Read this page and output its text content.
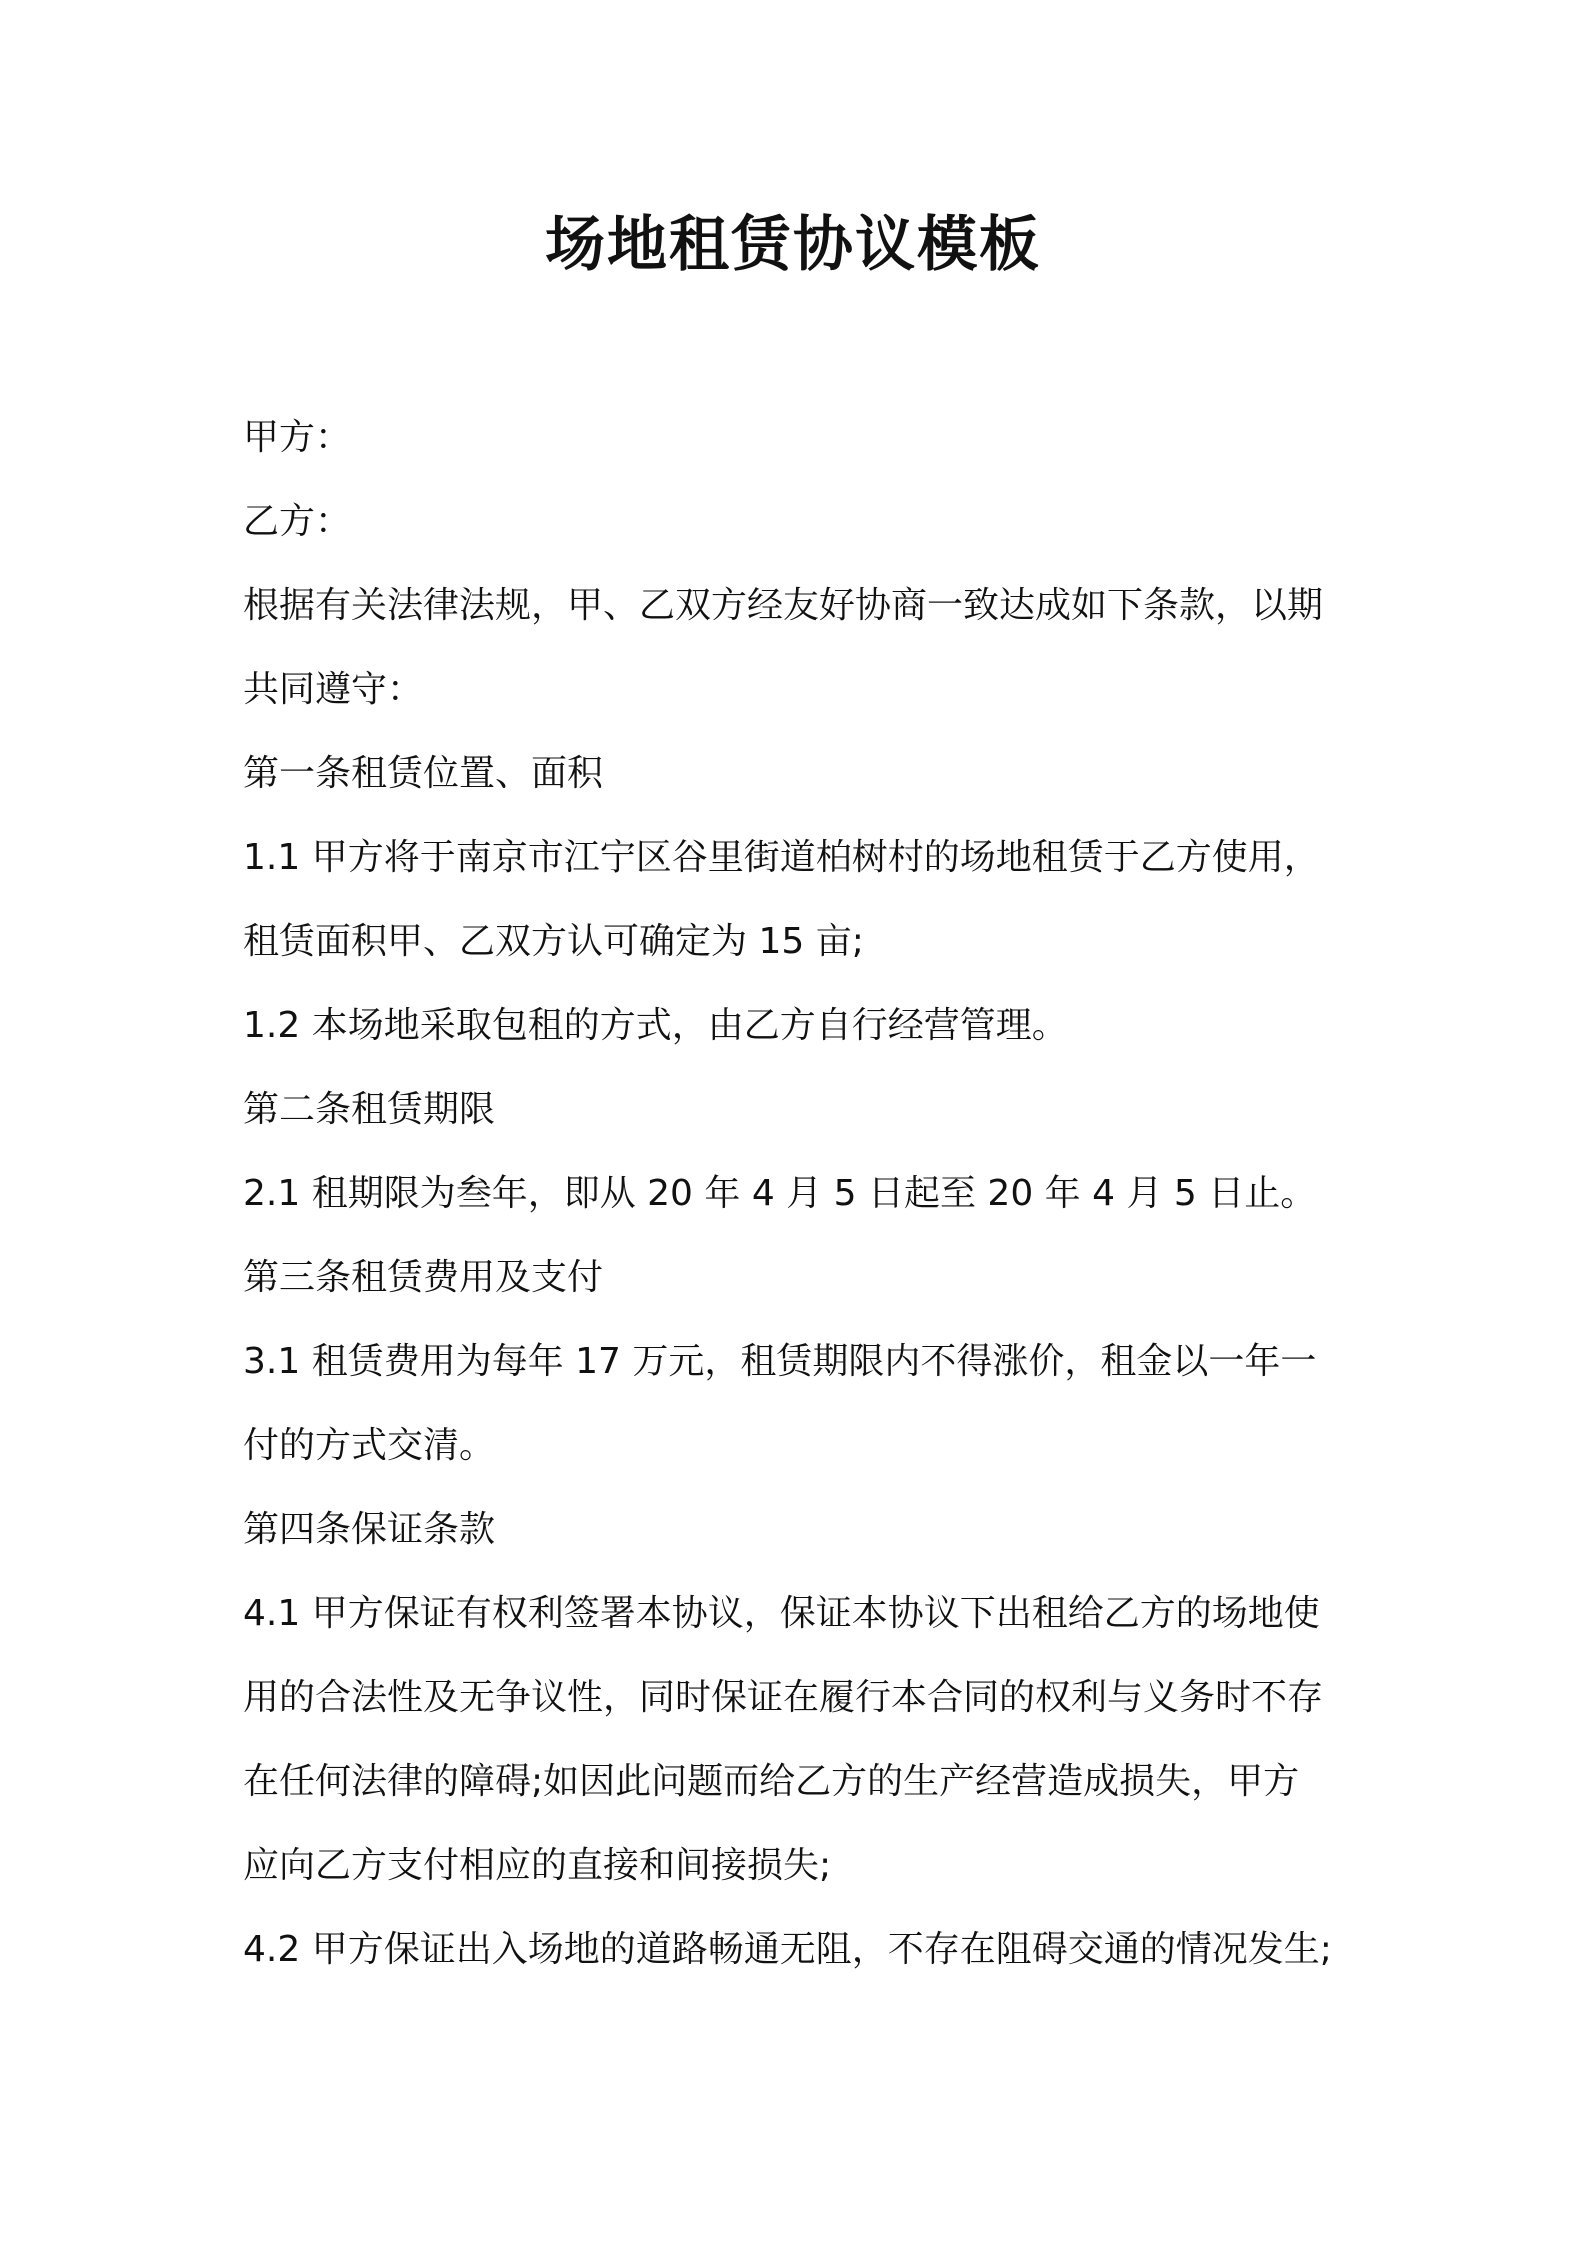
场地租赁协议模板

甲方：

乙方：

根据有关法律法规，甲、乙双方经友好协商一致达成如下条款，以期

共同遵守：

第一条租赁位置、面积

1.1 甲方将于南京市江宁区谷里街道柏树村的场地租赁于乙方使用，

租赁面积甲、乙双方认可确定为 15 亩;

1.2 本场地采取包租的方式，由乙方自行经营管理。

第二条租赁期限

2.1 租期限为叁年，即从 20 年 4 月 5 日起至 20 年 4 月 5 日止。

第三条租赁费用及支付

3.1 租赁费用为每年 17 万元，租赁期限内不得涨价，租金以一年一

付的方式交清。

第四条保证条款

4.1 甲方保证有权利签署本协议，保证本协议下出租给乙方的场地使

用的合法性及无争议性，同时保证在履行本合同的权利与义务时不存

在任何法律的障碍;如因此问题而给乙方的生产经营造成损失，甲方

应向乙方支付相应的直接和间接损失;

4.2 甲方保证出入场地的道路畅通无阻，不存在阻碍交通的情况发生;
